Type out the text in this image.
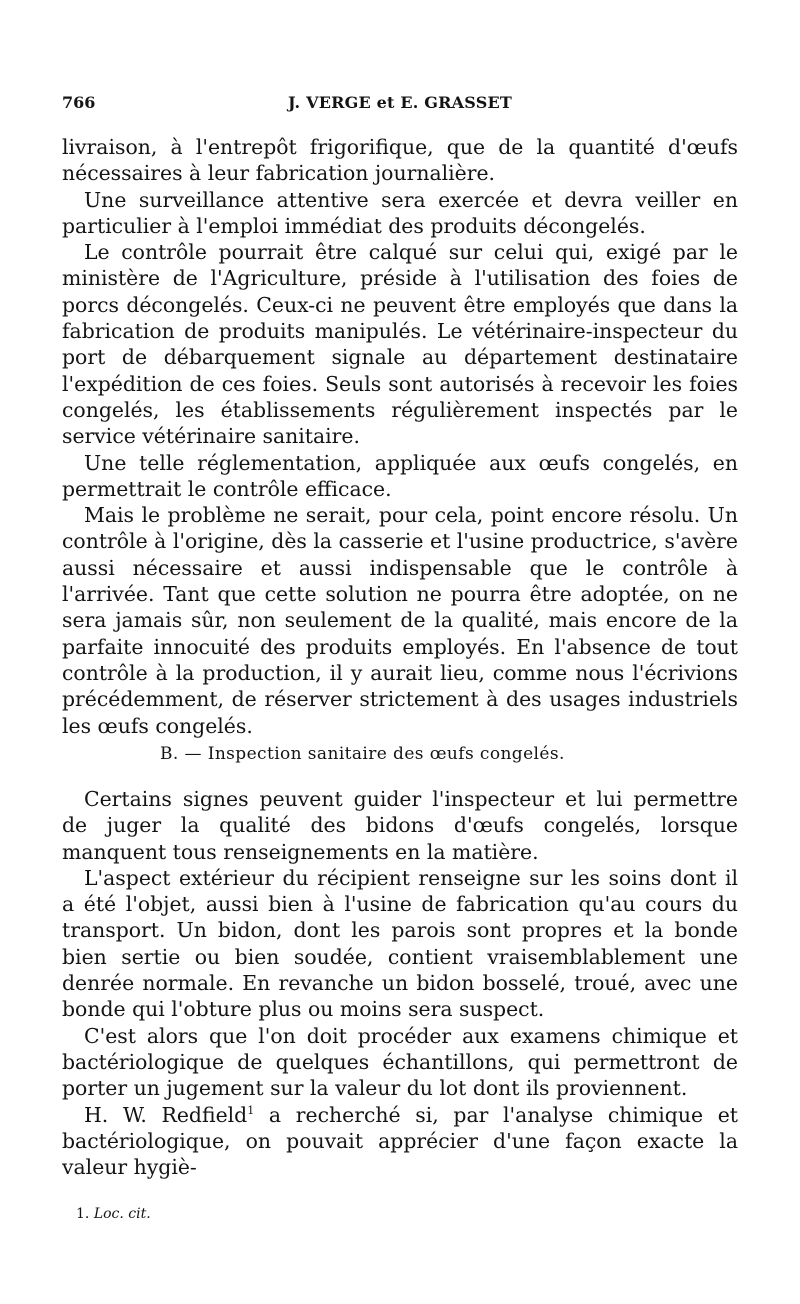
766	J. VERGE et E. GRASSET

livraison, à l'entrepôt frigorifique, que de la quantité d'œufs nécessaires à leur fabrication journalière.

Une surveillance attentive sera exercée et devra veiller en particulier à l'emploi immédiat des produits décongelés.

Le contrôle pourrait être calqué sur celui qui, exigé par le ministère de l'Agriculture, préside à l'utilisation des foies de porcs décongelés. Ceux-ci ne peuvent être employés que dans la fabrication de produits manipulés. Le vétérinaire-inspecteur du port de débarquement signale au département destinataire l'expédition de ces foies. Seuls sont autorisés à recevoir les foies congelés, les établissements régulièrement inspectés par le service vétérinaire sanitaire.

Une telle réglementation, appliquée aux œufs congelés, en permettrait le contrôle efficace.

Mais le problème ne serait, pour cela, point encore résolu. Un contrôle à l'origine, dès la casserie et l'usine productrice, s'avère aussi nécessaire et aussi indispensable que le contrôle à l'arrivée. Tant que cette solution ne pourra être adoptée, on ne sera jamais sûr, non seulement de la qualité, mais encore de la parfaite innocuité des produits employés. En l'absence de tout contrôle à la production, il y aurait lieu, comme nous l'écrivions précédemment, de réserver strictement à des usages industriels les œufs congelés.

B. — Inspection sanitaire des œufs congelés.

Certains signes peuvent guider l'inspecteur et lui permettre de juger la qualité des bidons d'œufs congelés, lorsque manquent tous renseignements en la matière.

L'aspect extérieur du récipient renseigne sur les soins dont il a été l'objet, aussi bien à l'usine de fabrication qu'au cours du transport. Un bidon, dont les parois sont propres et la bonde bien sertie ou bien soudée, contient vraisemblablement une denrée normale. En revanche un bidon bosselé, troué, avec une bonde qui l'obture plus ou moins sera suspect.

C'est alors que l'on doit procéder aux examens chimique et bactériologique de quelques échantillons, qui permettront de porter un jugement sur la valeur du lot dont ils proviennent.

H. W. Redfield$^1$ a recherché si, par l'analyse chimique et bactériologique, on pouvait apprécier d'une façon exacte la valeur hygiè-

1. Loc. cit.
